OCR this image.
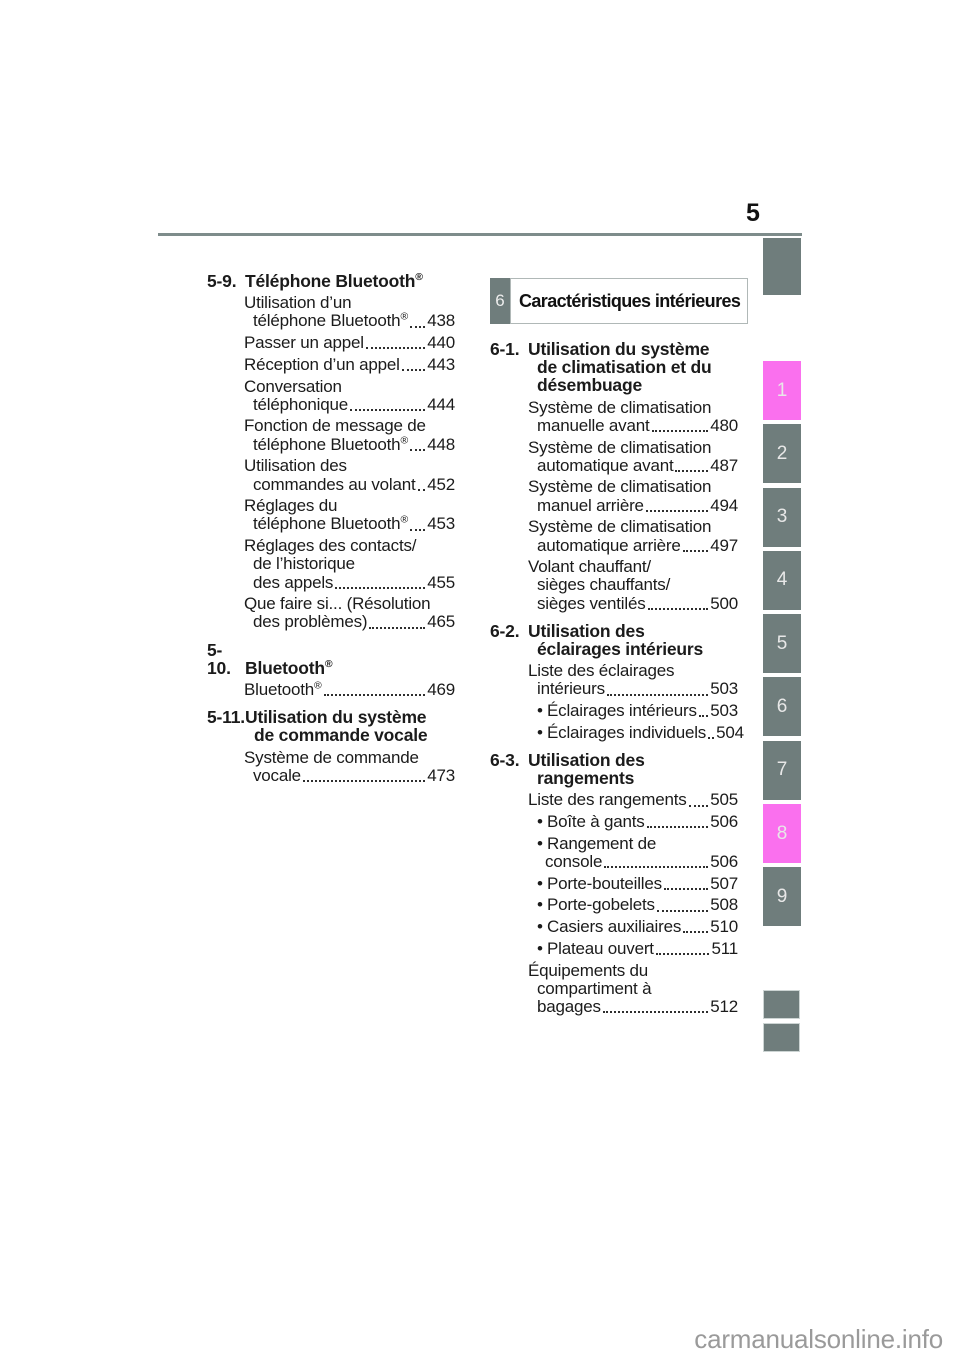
5
1
2
3
4
5
6
7
8
9
6 Caractéristiques intérieures
5-9. Téléphone Bluetooth®
Utilisation d’un
téléphone Bluetooth® 438
Passer un appel	440
Réception d’un appel 443
Conversation
téléphonique	444
Fonction de message de
téléphone Bluetooth® 448
Utilisation des
commandes au volant 452
Réglages du
téléphone Bluetooth® 453
Réglages des contacts/
de l’historique
des appels	455
Que faire si... (Résolution
des problèmes)	465
5-10. Bluetooth®
Bluetooth®	469
5-11.Utilisation du système
de commande vocale
Système de commande
vocale	473
6-1. Utilisation du système
de climatisation et du
désembuage
Système de climatisation
manuelle avant	480
Système de climatisation
automatique avant 487
Système de climatisation
manuel arrière	494
Système de climatisation
automatique arrière 497
Volant chauffant/
sièges chauffants/
sièges ventilés	500
6-2. Utilisation des
éclairages intérieurs
Liste des éclairages
intérieurs	503
• Éclairages intérieurs 503
• Éclairages individuels 504
6-3. Utilisation des
rangements
Liste des rangements 505
• Boîte à gants	506
• Rangement de
console	506
• Porte-bouteilles	507
• Porte-gobelets	508
• Casiers auxiliaires 510
• Plateau ouvert	511
Équipements du
compartiment à
bagages	512
carmanualsonline.info
